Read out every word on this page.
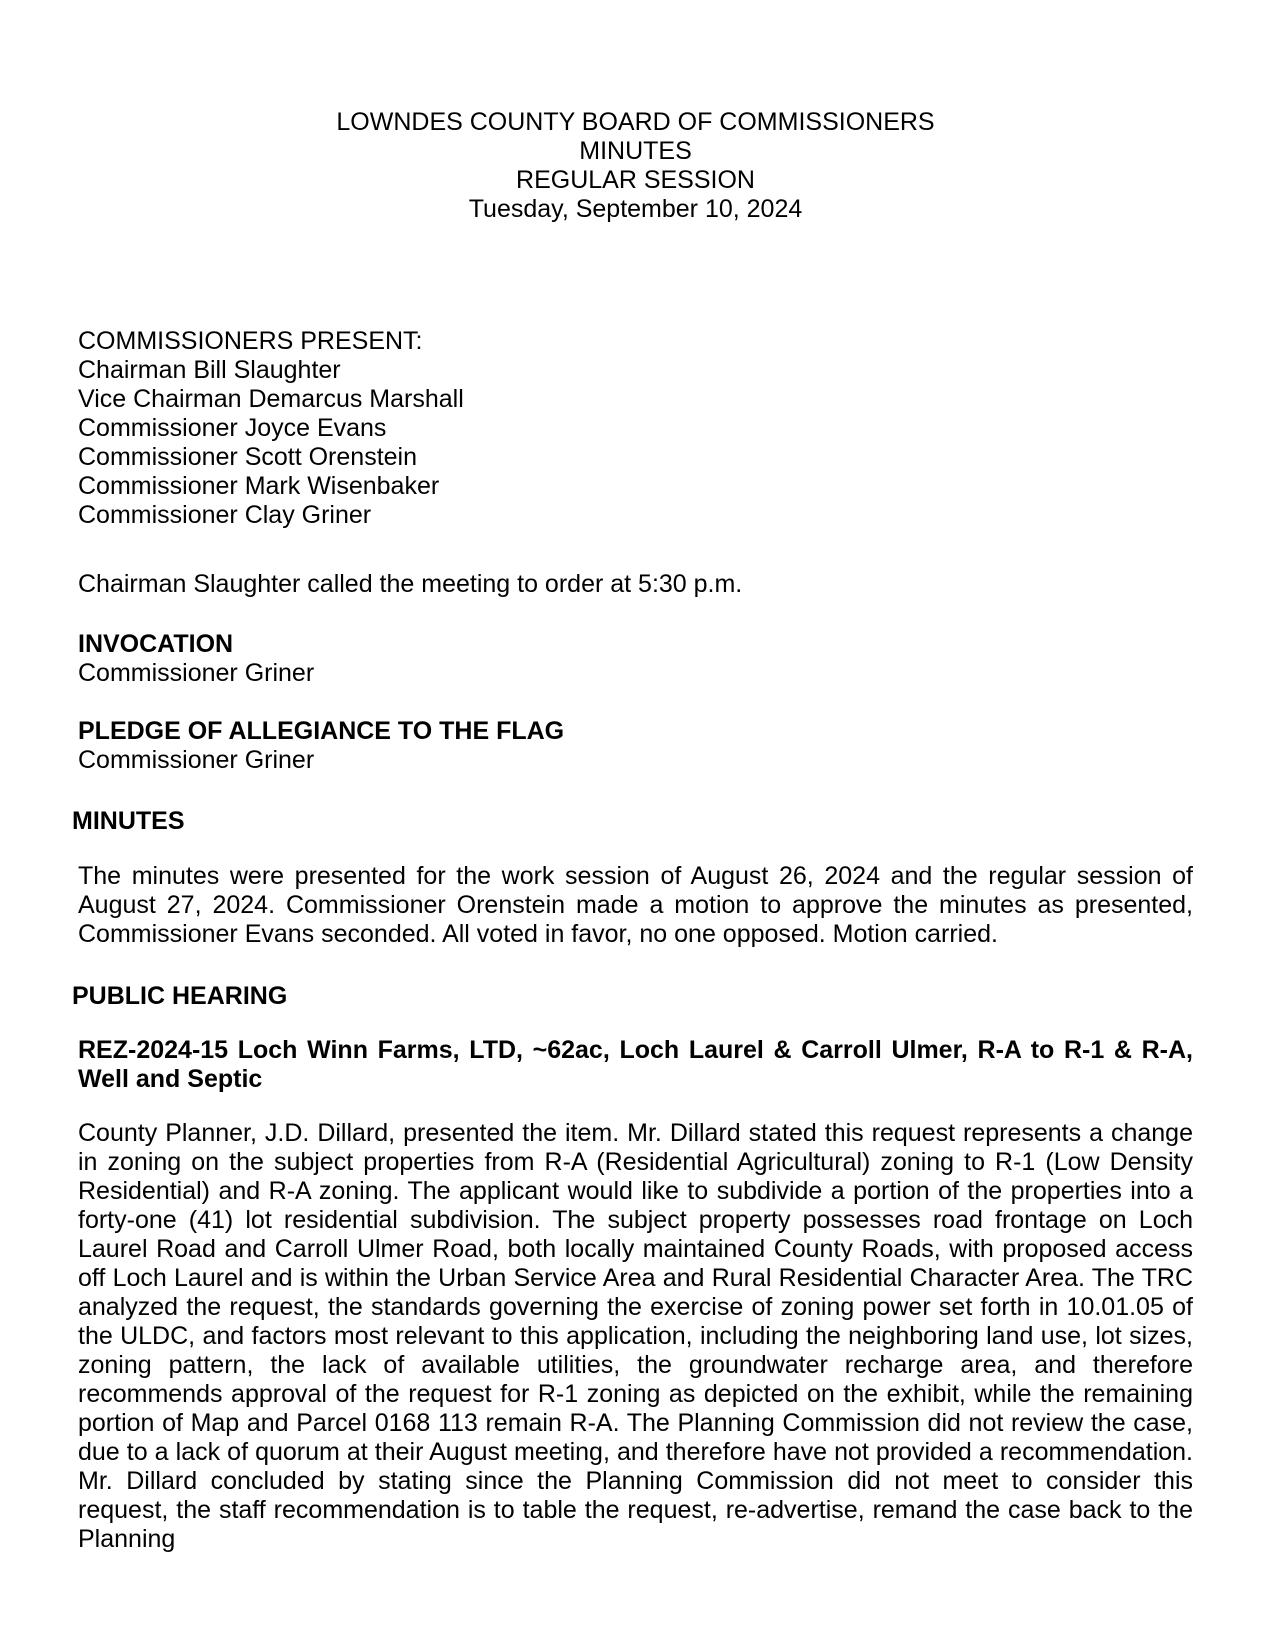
LOWNDES COUNTY BOARD OF COMMISSIONERS
MINUTES
REGULAR SESSION
Tuesday, September 10, 2024
COMMISSIONERS PRESENT:
Chairman Bill Slaughter
Vice Chairman Demarcus Marshall
Commissioner Joyce Evans
Commissioner Scott Orenstein
Commissioner Mark Wisenbaker
Commissioner Clay Griner
Chairman Slaughter called the meeting to order at 5:30 p.m.
INVOCATION
Commissioner Griner
PLEDGE OF ALLEGIANCE TO THE FLAG
Commissioner Griner
MINUTES

The minutes were presented for the work session of August 26, 2024 and the regular session of August 27, 2024. Commissioner Orenstein made a motion to approve the minutes as presented, Commissioner Evans seconded. All voted in favor, no one opposed. Motion carried.

PUBLIC HEARING

REZ-2024-15 Loch Winn Farms, LTD, ~62ac, Loch Laurel & Carroll Ulmer, R-A to R-1 & R-A, Well and Septic

County Planner, J.D. Dillard, presented the item. Mr. Dillard stated this request represents a change in zoning on the subject properties from R-A (Residential Agricultural) zoning to R-1 (Low Density Residential) and R-A zoning. The applicant would like to subdivide a portion of the properties into a forty-one (41) lot residential subdivision. The subject property possesses road frontage on Loch Laurel Road and Carroll Ulmer Road, both locally maintained County Roads, with proposed access off Loch Laurel and is within the Urban Service Area and Rural Residential Character Area. The TRC analyzed the request, the standards governing the exercise of zoning power set forth in 10.01.05 of the ULDC, and factors most relevant to this application, including the neighboring land use, lot sizes, zoning pattern, the lack of available utilities, the groundwater recharge area, and therefore recommends approval of the request for R-1 zoning as depicted on the exhibit, while the remaining portion of Map and Parcel 0168 113 remain R-A. The Planning Commission did not review the case, due to a lack of quorum at their August meeting, and therefore have not provided a recommendation. Mr. Dillard concluded by stating since the Planning Commission did not meet to consider this request, the staff recommendation is to table the request, re-advertise, remand the case back to the Planning
